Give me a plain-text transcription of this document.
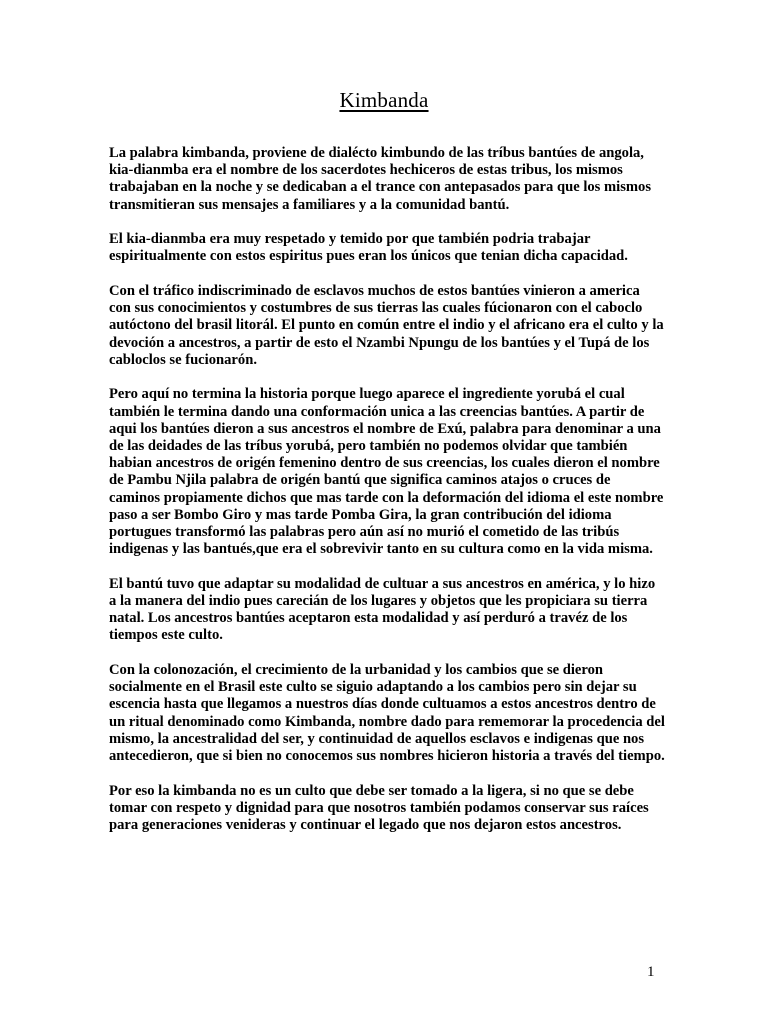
Kimbanda

La palabra kimbanda, proviene de dialécto kimbundo de las tríbus bantúes de angola, kia-dianmba era el nombre de los sacerdotes hechiceros de estas tribus, los mismos trabajaban en la noche y se dedicaban a el trance con antepasados para que los mismos transmitieran sus mensajes a familiares y a la comunidad bantú.

El kia-dianmba era muy respetado y temido por que también podria trabajar espiritualmente con estos espiritus pues eran los únicos que tenian dicha capacidad.

Con el tráfico indiscriminado de esclavos muchos de estos bantúes vinieron a america con sus conocimientos y costumbres de sus tierras las cuales fúcionaron con el caboclo autóctono del brasil litorál. El punto en común entre el indio y el africano era el culto y la devoción a ancestros, a partir de esto el Nzambi Npungu de los bantúes y el Tupá de los cabloclos se fucionarón.

Pero aquí no termina la historia porque luego aparece el ingrediente yorubá el cual también le termina dando una conformación unica a las creencias bantúes. A partir de aqui los bantúes dieron a sus ancestros el nombre de Exú, palabra para denominar a una de las deidades de las tríbus yorubá, pero también no podemos olvidar que también habian ancestros de origén femenino dentro de sus creencias, los cuales dieron el nombre de Pambu Njila palabra de origén bantú que significa caminos atajos o cruces de caminos propiamente dichos que mas tarde con la deformación del idioma el este nombre paso a ser Bombo Giro y mas tarde Pomba Gira, la gran contribución del idioma portugues transformó las palabras pero aún así no murió el cometido de las tribús indigenas y las bantués,que era el sobrevivir tanto en su cultura como en la vida misma.

El bantú tuvo que adaptar su modalidad de cultuar a sus ancestros en américa, y lo hizo a la manera del indio pues carecián de los lugares y objetos que les propiciara su tierra natal. Los ancestros bantúes aceptaron esta modalidad y así perduró a travéz de los tiempos este culto.

Con la colonozación, el crecimiento de la urbanidad y los cambios que se dieron socialmente en el Brasil este culto se siguio adaptando a los cambios pero sin dejar su escencia hasta que llegamos a nuestros días donde cultuamos a estos ancestros dentro de un ritual denominado como Kimbanda, nombre dado para rememorar la procedencia del mismo, la ancestralidad del ser, y continuidad de aquellos esclavos e indigenas que nos antecedieron, que si bien no conocemos sus nombres hicieron historia a través del tiempo.

Por eso la kimbanda no es un culto que debe ser tomado a la ligera, si no que se debe tomar con respeto y dignidad para que nosotros también podamos conservar sus raíces para generaciones venideras y continuar el legado que nos dejaron estos ancestros.

1
